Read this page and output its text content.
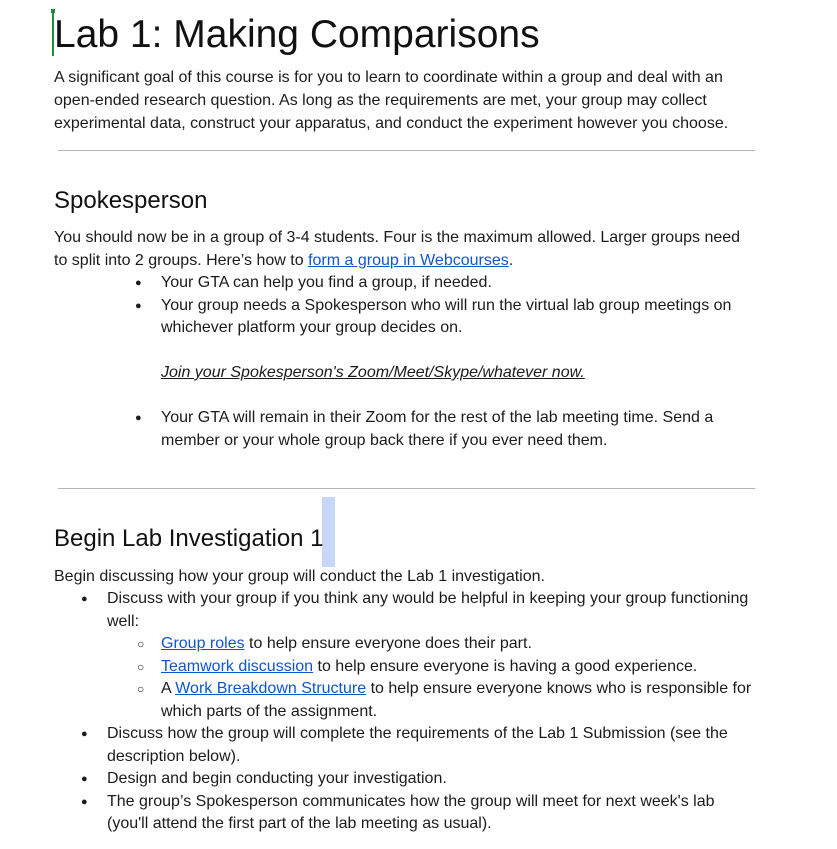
Lab 1: Making Comparisons

A significant goal of this course is for you to learn to coordinate within a group and deal with an open-ended research question. As long as the requirements are met, your group may collect experimental data, construct your apparatus, and conduct the experiment however you choose.

Spokesperson

You should now be in a group of 3-4 students. Four is the maximum allowed. Larger groups need to split into 2 groups. Here’s how to form a group in Webcourses.

● Your GTA can help you find a group, if needed.
● Your group needs a Spokesperson who will run the virtual lab group meetings on whichever platform your group decides on.

Join your Spokesperson's Zoom/Meet/Skype/whatever now.

● Your GTA will remain in their Zoom for the rest of the lab meeting time. Send a member or your whole group back there if you ever need them.
Begin Lab Investigation 1

Begin discussing how your group will conduct the Lab 1 investigation.

● Discuss with your group if you think any would be helpful in keeping your group functioning well:
○ Group roles to help ensure everyone does their part.
○ Teamwork discussion to help ensure everyone is having a good experience.
○ A Work Breakdown Structure to help ensure everyone knows who is responsible for which parts of the assignment.
● Discuss how the group will complete the requirements of the Lab 1 Submission (see the description below).
● Design and begin conducting your investigation.
● The group’s Spokesperson communicates how the group will meet for next week's lab (you'll attend the first part of the lab meeting as usual).
